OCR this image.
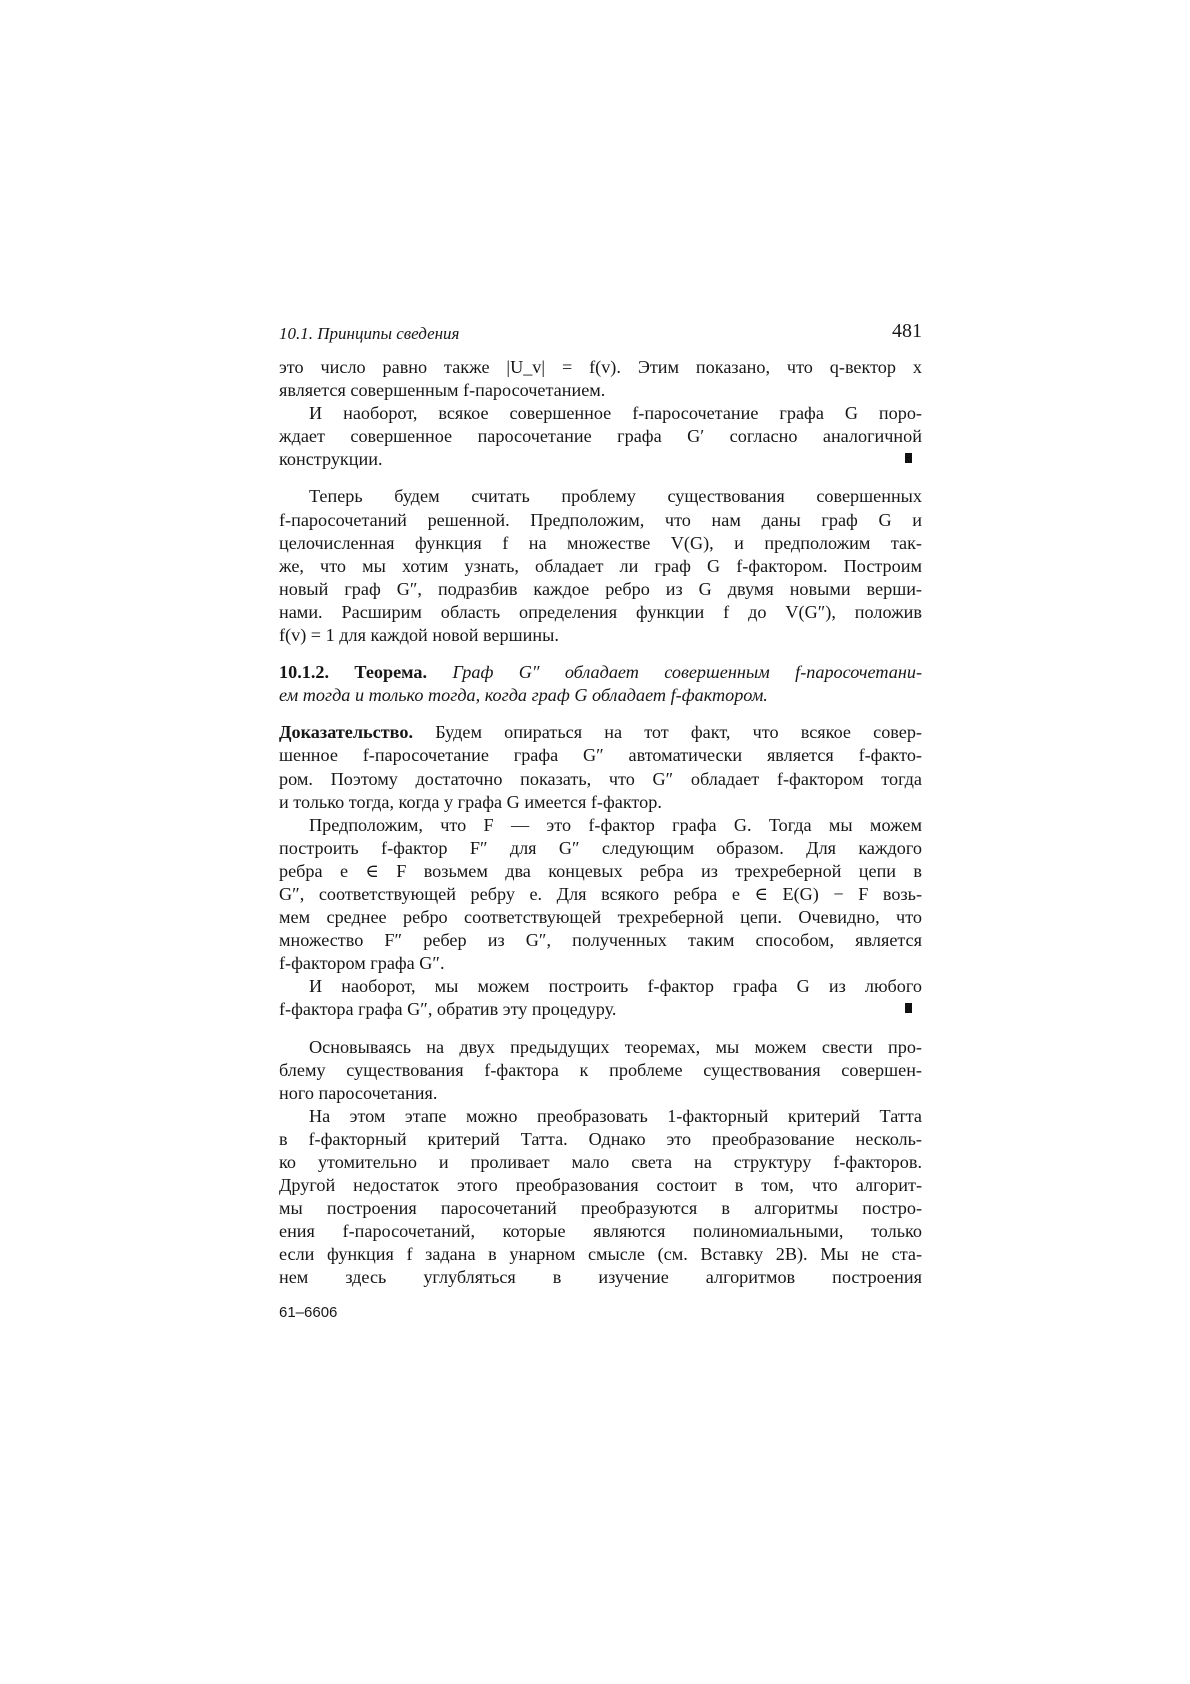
10.1. Принципы сведения	481
это число равно также |U_v| = f(v). Этим показано, что q-вектор x
является совершенным f-паросочетанием.
И наоборот, всякое совершенное f-паросочетание графа G поро-
ждает совершенное паросочетание графа G′ согласно аналогичной
конструкции.
Теперь будем считать проблему существования совершенных
f-паросочетаний решенной. Предположим, что нам даны граф G и
целочисленная функция f на множестве V(G), и предположим так-
же, что мы хотим узнать, обладает ли граф G f-фактором. Построим
новый граф G″, подразбив каждое ребро из G двумя новыми верши-
нами. Расширим область определения функции f до V(G″), положив
f(v) = 1 для каждой новой вершины.
10.1.2. Теорема. Граф G″ обладает совершенным f-паросочетани-
ем тогда и только тогда, когда граф G обладает f-фактором.
Доказательство. Будем опираться на тот факт, что всякое совер-
шенное f-паросочетание графа G″ автоматически является f-факто-
ром. Поэтому достаточно показать, что G″ обладает f-фактором тогда
и только тогда, когда у графа G имеется f-фактор.
Предположим, что F — это f-фактор графа G. Тогда мы можем
построить f-фактор F″ для G″ следующим образом. Для каждого
ребра e ∈ F возьмем два концевых ребра из трехреберной цепи в
G″, соответствующей ребру e. Для всякого ребра e ∈ E(G) − F возь-
мем среднее ребро соответствующей трехреберной цепи. Очевидно, что
множество F″ ребер из G″, полученных таким способом, является
f-фактором графа G″.
И наоборот, мы можем построить f-фактор графа G из любого
f-фактора графа G″, обратив эту процедуру.
Основываясь на двух предыдущих теоремах, мы можем свести про-
блему существования f-фактора к проблеме существования совершен-
ного паросочетания.
На этом этапе можно преобразовать 1-факторный критерий Татта
в f-факторный критерий Татта. Однако это преобразование несколь-
ко утомительно и проливает мало света на структуру f-факторов.
Другой недостаток этого преобразования состоит в том, что алгорит-
мы построения паросочетаний преобразуются в алгоритмы постро-
ения f-паросочетаний, которые являются полиномиальными, только
если функция f задана в унарном смысле (см. Вставку 2B). Мы не ста-
нем здесь углубляться в изучение алгоритмов построения
61–6606
